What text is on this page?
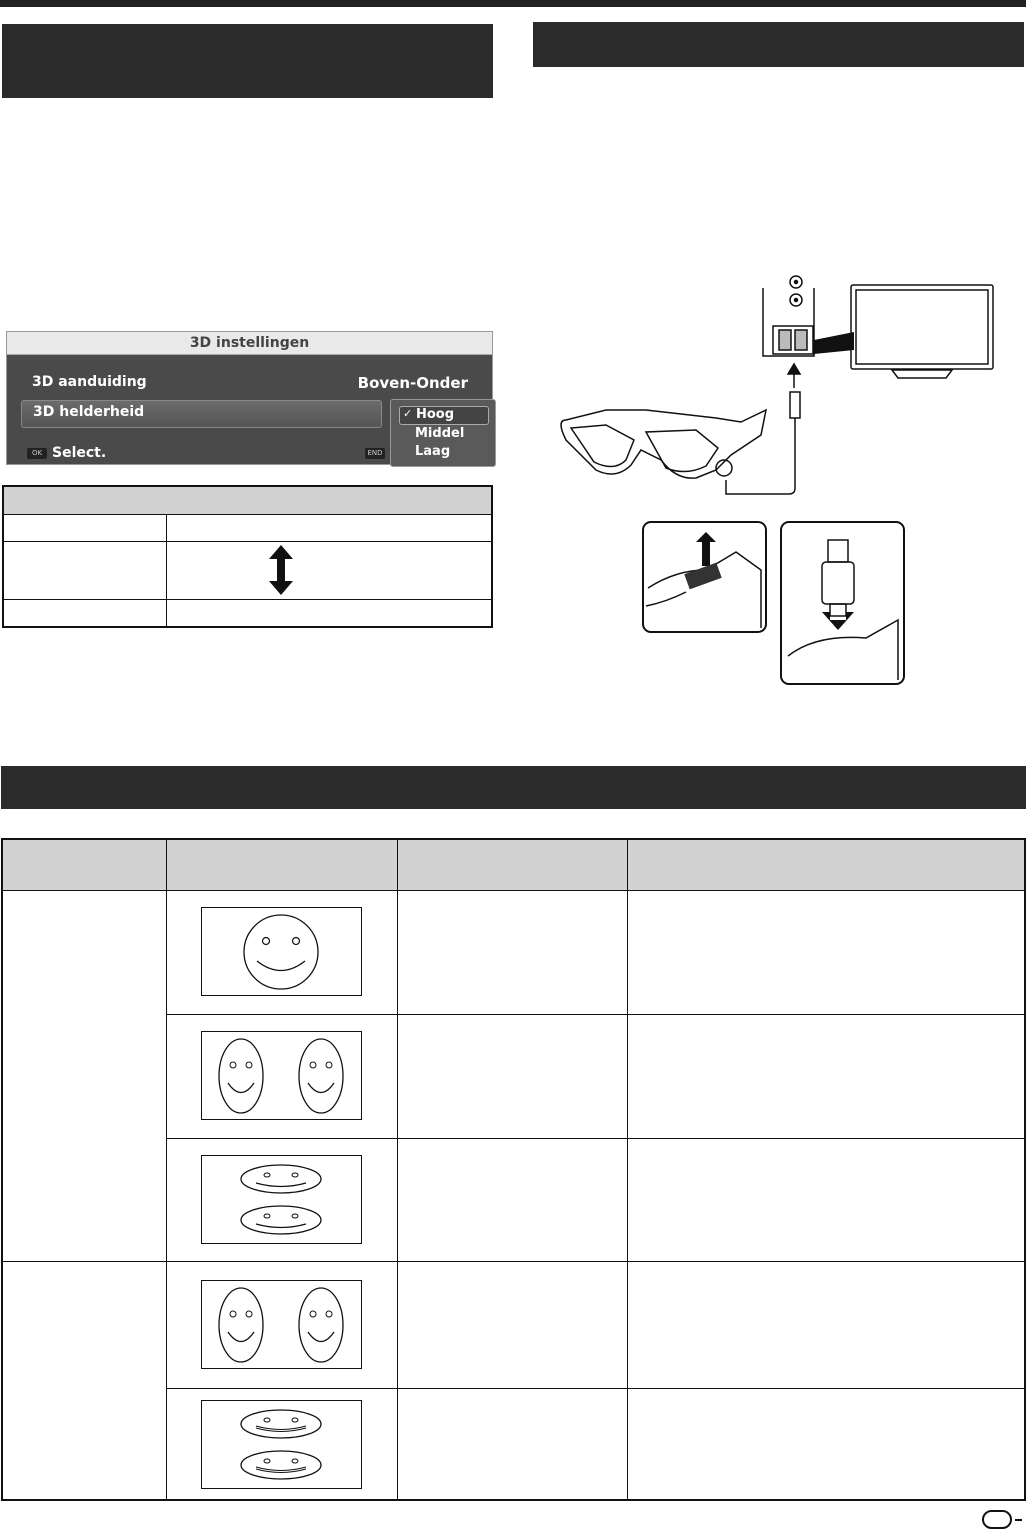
3D instellingen
3D aanduiding	Boven-Onder
3D helderheid	✓ Hoog
Middel
Laag
OK Select.	END
